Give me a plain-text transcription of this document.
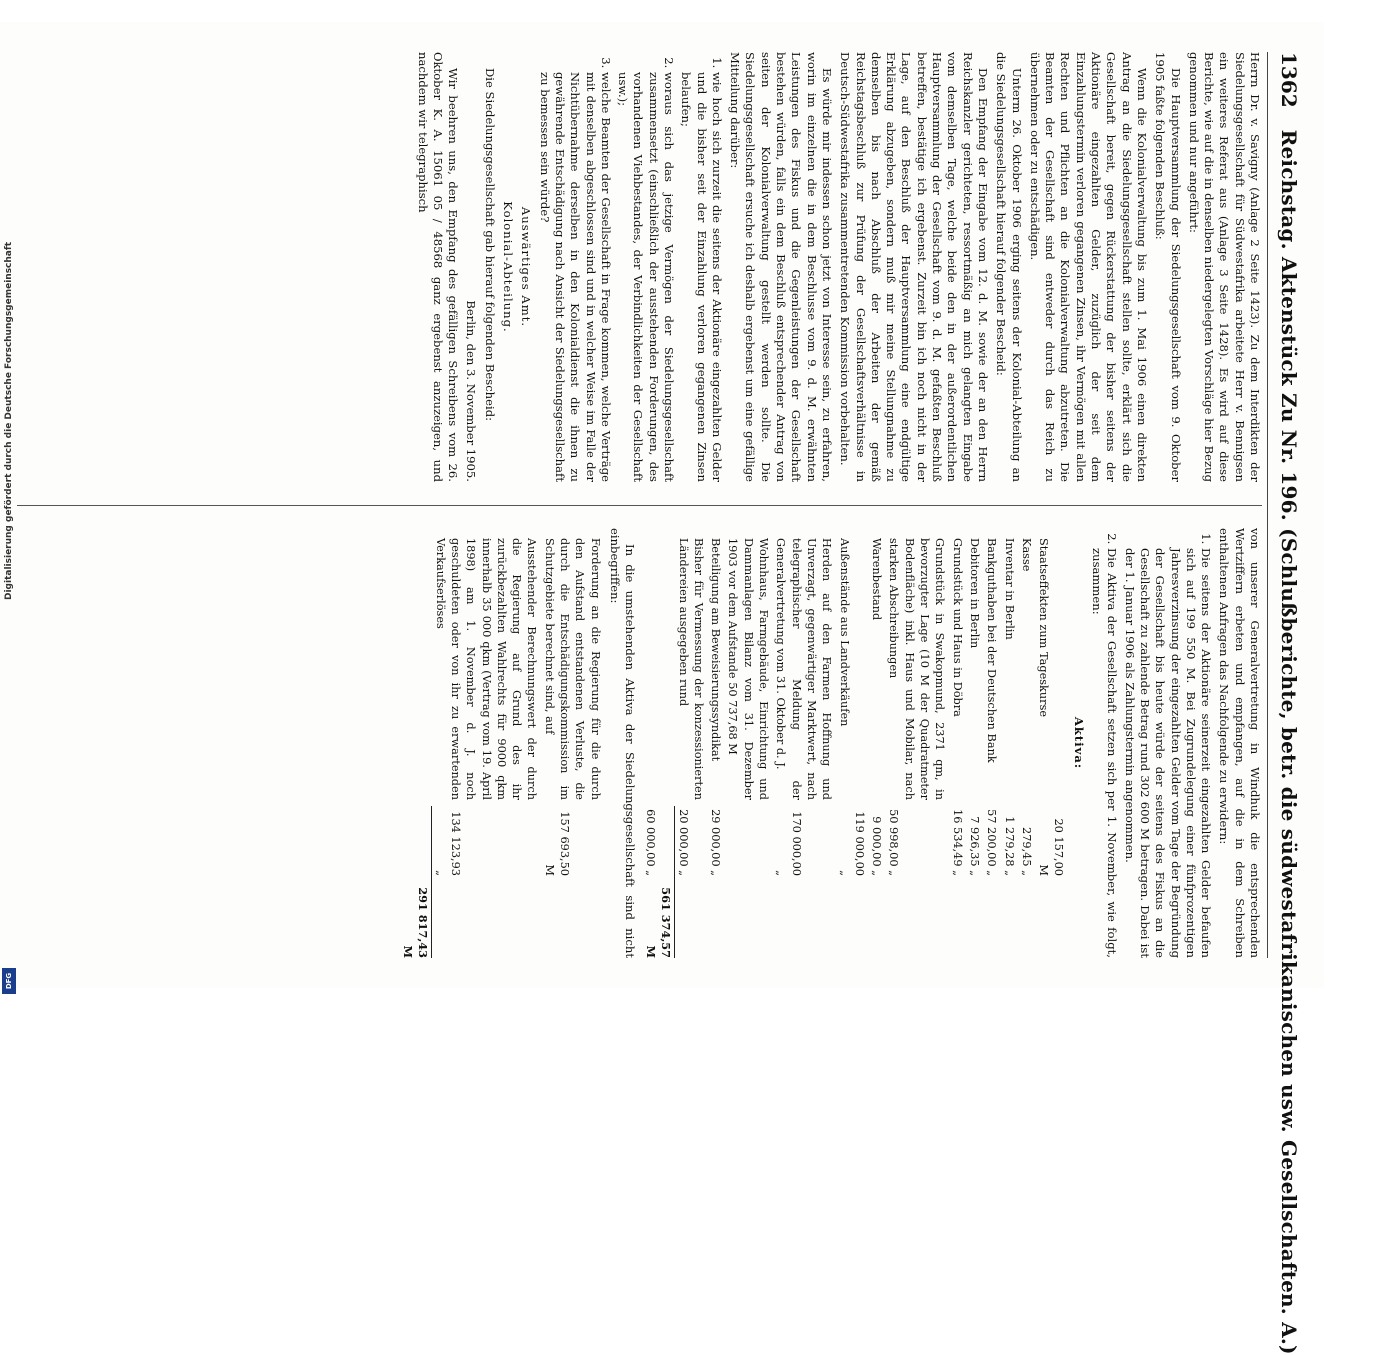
1362
Reichstag. Aktenstück Zu Nr. 196. (Schlußberichte, betr. die südwestafrikanischen usw. Gesellschaften. A.)

Herrn Dr. v. Savigny (Anlage 2 Seite 1423). Zu dem Interdikten der Siedelungsgesellschaft für Südwestafrika arbeitete Herr v. Bennigsen ein weiteres Referat aus (Anlage 3 Seite 1428). Es wird auf diese Berichte, wie auf die in denselben niedergelegten Vorschläge hier Bezug genommen und nur angeführt:

Die Hauptversammlung der Siedelungsgesellschaft vom 9. Oktober 1905 faßte folgenden Beschluß:

Wenn die Kolonialverwaltung bis zum 1. Mai 1906 einen direkten Antrag an die Siedelungsgesellschaft stellen sollte, erklärt sich die Gesellschaft bereit, gegen Rückerstattung der bisher seitens der Aktionäre eingezahlten Gelder, zuzüglich der seit dem Einzahlungstermin verloren gegangenen Zinsen, ihr Vermögen mit allen Rechten und Pflichten an die Kolonialverwaltung abzutreten. Die Beamten der Gesellschaft sind entweder durch das Reich zu übernehmen oder zu entschädigen.

Unterm 26. Oktober 1906 erging seitens der Kolonial-Abteilung an die Siedelungsgesellschaft hierauf folgender Bescheid:

Den Empfang der Eingabe vom 12. d. M. sowie der an den Herrn Reichskanzler gerichteten, ressortmäßig an mich gelangten Eingabe vom demselben Tage, welche beide den in der außerordentlichen Hauptversammlung der Gesellschaft vom 9. d. M. gefaßten Beschluß betreffen, bestätige ich ergebenst. Zurzeit bin ich noch nicht in der Lage, auf den Beschluß der Hauptversammlung eine endgültige Erklärung abzugeben, sondern muß mir meine Stellungnahme zu demselben bis nach Abschluß der Arbeiten der gemäß Reichstagsbeschluß zur Prüfung der Gesellschaftsverhältnisse in Deutsch-Südwestafrika zusammentretenden Kommission vorbehalten.

Es würde mir indessen schon jetzt von Interesse sein, zu erfahren, worin im einzelnen die in dem Beschlusse vom 9. d. M. erwähnten Leistungen des Fiskus und die Gegenleistungen der Gesellschaft bestehen würden, falls ein dem Beschluß entsprechender Antrag von seiten der Kolonialverwaltung gestellt werden sollte. Die Siedelungsgesellschaft ersuche ich deshalb ergebenst um eine gefällige Mitteilung darüber:

1. wie hoch sich zurzeit die seitens der Aktionäre eingezahlten Gelder und die bisher seit der Einzahlung verloren gegangenen Zinsen belaufen;
2. woraus sich das jetzige Vermögen der Siedelungsgesellschaft zusammensetzt (einschließlich der ausstehenden Forderungen, des vorhandenen Viehbestandes, der Verbindlichkeiten der Gesellschaft usw.);
3. welche Beamten der Gesellschaft in Frage kommen, welche Verträge mit denselben abgeschlossen sind und in welcher Weise im Falle der Nichtübernahme derselben in den Kolonialdienst die ihnen zu gewährende Entschädigung nach Ansicht der Siedelungsgesellschaft zu bemessen sein würde?

Auswärtiges Amt.

Kolonial-Abteilung.

Die Siedelungsgesellschaft gab hierauf folgenden Bescheid:

Berlin, den 3. November 1905.

Wir beehren uns, den Empfang des gefälligen Schreibens vom 26. Oktober K. A. 15061 05 / 48568 ganz ergebenst anzuzeigen, und nachdem wir telegraphisch

von unserer Generalvertretung in Windhuk die entsprechenden Wertziffern erbeten und empfangen, auf die in dem Schreiben enthaltenen Anfragen das Nachfolgende zu erwidern:

1. Die seitens der Aktionäre seinerzeit eingezahlten Gelder befaufen sich auf 199 550 M. Bei Zugrundelegung einer fünfprozentigen Jahresverzinsung der eingezahlten Gelder vom Tage der Begründung der Gesellschaft bis heute würde der seitens des Fiskus an die Gesellschaft zu zahlende Betrag rund 302 600 M betragen. Dabei ist der 1. Januar 1906 als Zahlungstermin angenommen.
2. Die Aktiva der Gesellschaft setzen sich per 1. November, wie folgt, zusammen:

Aktiva:

Staatseffekten zum Tageskurse	20 157,00 M	
Kasse	279,45 „	
Inventar in Berlin	1 279,28 „	
Bankguthaben bei der Deutschen Bank	57 200,00 „	
Debitoren in Berlin	7 926,35 „	
Grundstück und Haus in Döbra	16 534,49 „	
Grundstück in Swakopmund, 2371 qm, in bevorzugter Lage (10 M der Quadratmeter Bodenfläche) inkl. Haus und Mobilar, nach starken Abschreibungen	50 998,00 „	
Warenbestand	9 000,00 „	
Außenstände aus Landverkäufen	119 000,00 „	
Herden auf den Farmen Hoffnung und Unverzagt, gegenwärtiger Marktwert, nach telegraphischer Meldung der Generalvertretung vom 31. Oktober d. J.	170 000,00 „	
Wohnhaus, Farmgebäude, Einrichtung und Dammanlagen Bilanz vom 31. Dezember 1903 vor dem Aufstande 50 737,68 M		
Beteiligung am Beweisierungssyndikat	29 000,00 „	
Bisher für Vermessung der konzessionierten Ländereien ausgegeben rund	20 000,00 „	
	60 000,00 „	561 374,57 M

In die umstehenden Aktiva der Siedelungsgesellschaft sind nicht einbegriffen:

Forderung an die Regierung für die durch den Aufstand entstandenen Verluste, die durch die Entschädigungskommission im Schutzgebiete berechnet sind, auf	157 693,50 M	
Ausstehender Berechnungswert der durch die Regierung auf Grund des ihr zurückbezahlten Wahlrechts für 9000 qkm innerhalb 35 000 qkm (Vertrag vom 19. April 1898) am 1. November d. J. noch geschuldeten oder von ihr zu erwartenden Verkaufserlöses	134 123,93 „	
		291 817,43 M
Digitalisierung gefördert durch die Deutsche Forschungsgemeinschaft
DFG
